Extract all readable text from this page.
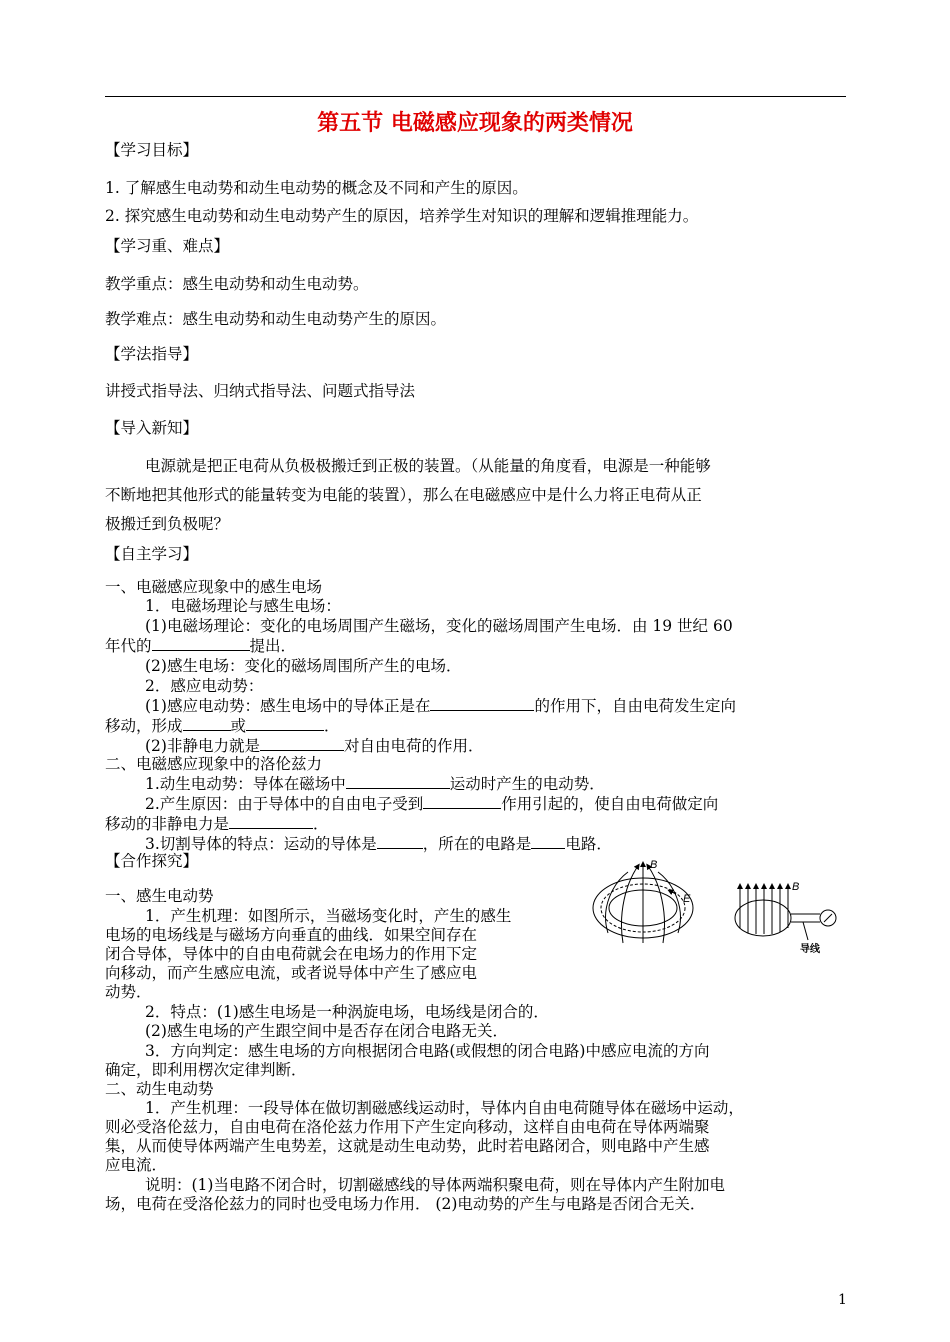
第五节 电磁感应现象的两类情况
【学习目标】
1. 了解感生电动势和动生电动势的概念及不同和产生的原因。
2. 探究感生电动势和动生电动势产生的原因，培养学生对知识的理解和逻辑推理能力。
【学习重、难点】
教学重点：感生电动势和动生电动势。
教学难点：感生电动势和动生电动势产生的原因。
【学法指导】
讲授式指导法、归纳式指导法、问题式指导法
【导入新知】
电源就是把正电荷从负极极搬迁到正极的装置。（从能量的角度看，电源是一种能够
不断地把其他形式的能量转变为电能的装置），那么在电磁感应中是什么力将正电荷从正
极搬迁到负极呢？
【自主学习】
一、电磁感应现象中的感生电场
1．电磁场理论与感生电场：
(1)电磁场理论：变化的电场周围产生磁场，变化的磁场周围产生电场．由 19 世纪 60
年代的	提出．
(2)感生电场：变化的磁场周围所产生的电场．
2．感应电动势：
(1)感应电动势：感生电场中的导体正是在	的作用下，自由电荷发生定向
移动，形成	或	．
(2)非静电力就是	对自由电荷的作用．
二、电磁感应现象中的洛伦兹力
1.动生电动势：导体在磁场中	运动时产生的电动势．
2.产生原因：由于导体中的自由电子受到	作用引起的，使自由电荷做定向
移动的非静电力是	．
3.切割导体的特点：运动的导体是	，所在的电路是 电路．
【合作探究】
一、感生电动势
1．产生机理：如图所示，当磁场变化时，产生的感生
电场的电场线是与磁场方向垂直的曲线．如果空间存在
闭合导体，导体中的自由电荷就会在电场力的作用下定
向移动，而产生感应电流，或者说导体中产生了感应电
动势．
2．特点：(1)感生电场是一种涡旋电场，电场线是闭合的．
(2)感生电场的产生跟空间中是否存在闭合电路无关．
3．方向判定：感生电场的方向根据闭合电路(或假想的闭合电路)中感应电流的方向
确定，即利用楞次定律判断．
二、动生电动势
1．产生机理：一段导体在做切割磁感线运动时，导体内自由电荷随导体在磁场中运动，
则必受洛伦兹力，自由电荷在洛伦兹力作用下产生定向移动，这样自由电荷在导体两端聚
集，从而使导体两端产生电势差，这就是动生电动势，此时若电路闭合，则电路中产生感
应电流．
说明：(1)当电路不闭合时，切割磁感线的导体两端积聚电荷，则在导体内产生附加电
场，电荷在受洛伦兹力的同时也受电场力作用． (2)电动势的产生与电路是否闭合无关．
B
E
B
导线
1
